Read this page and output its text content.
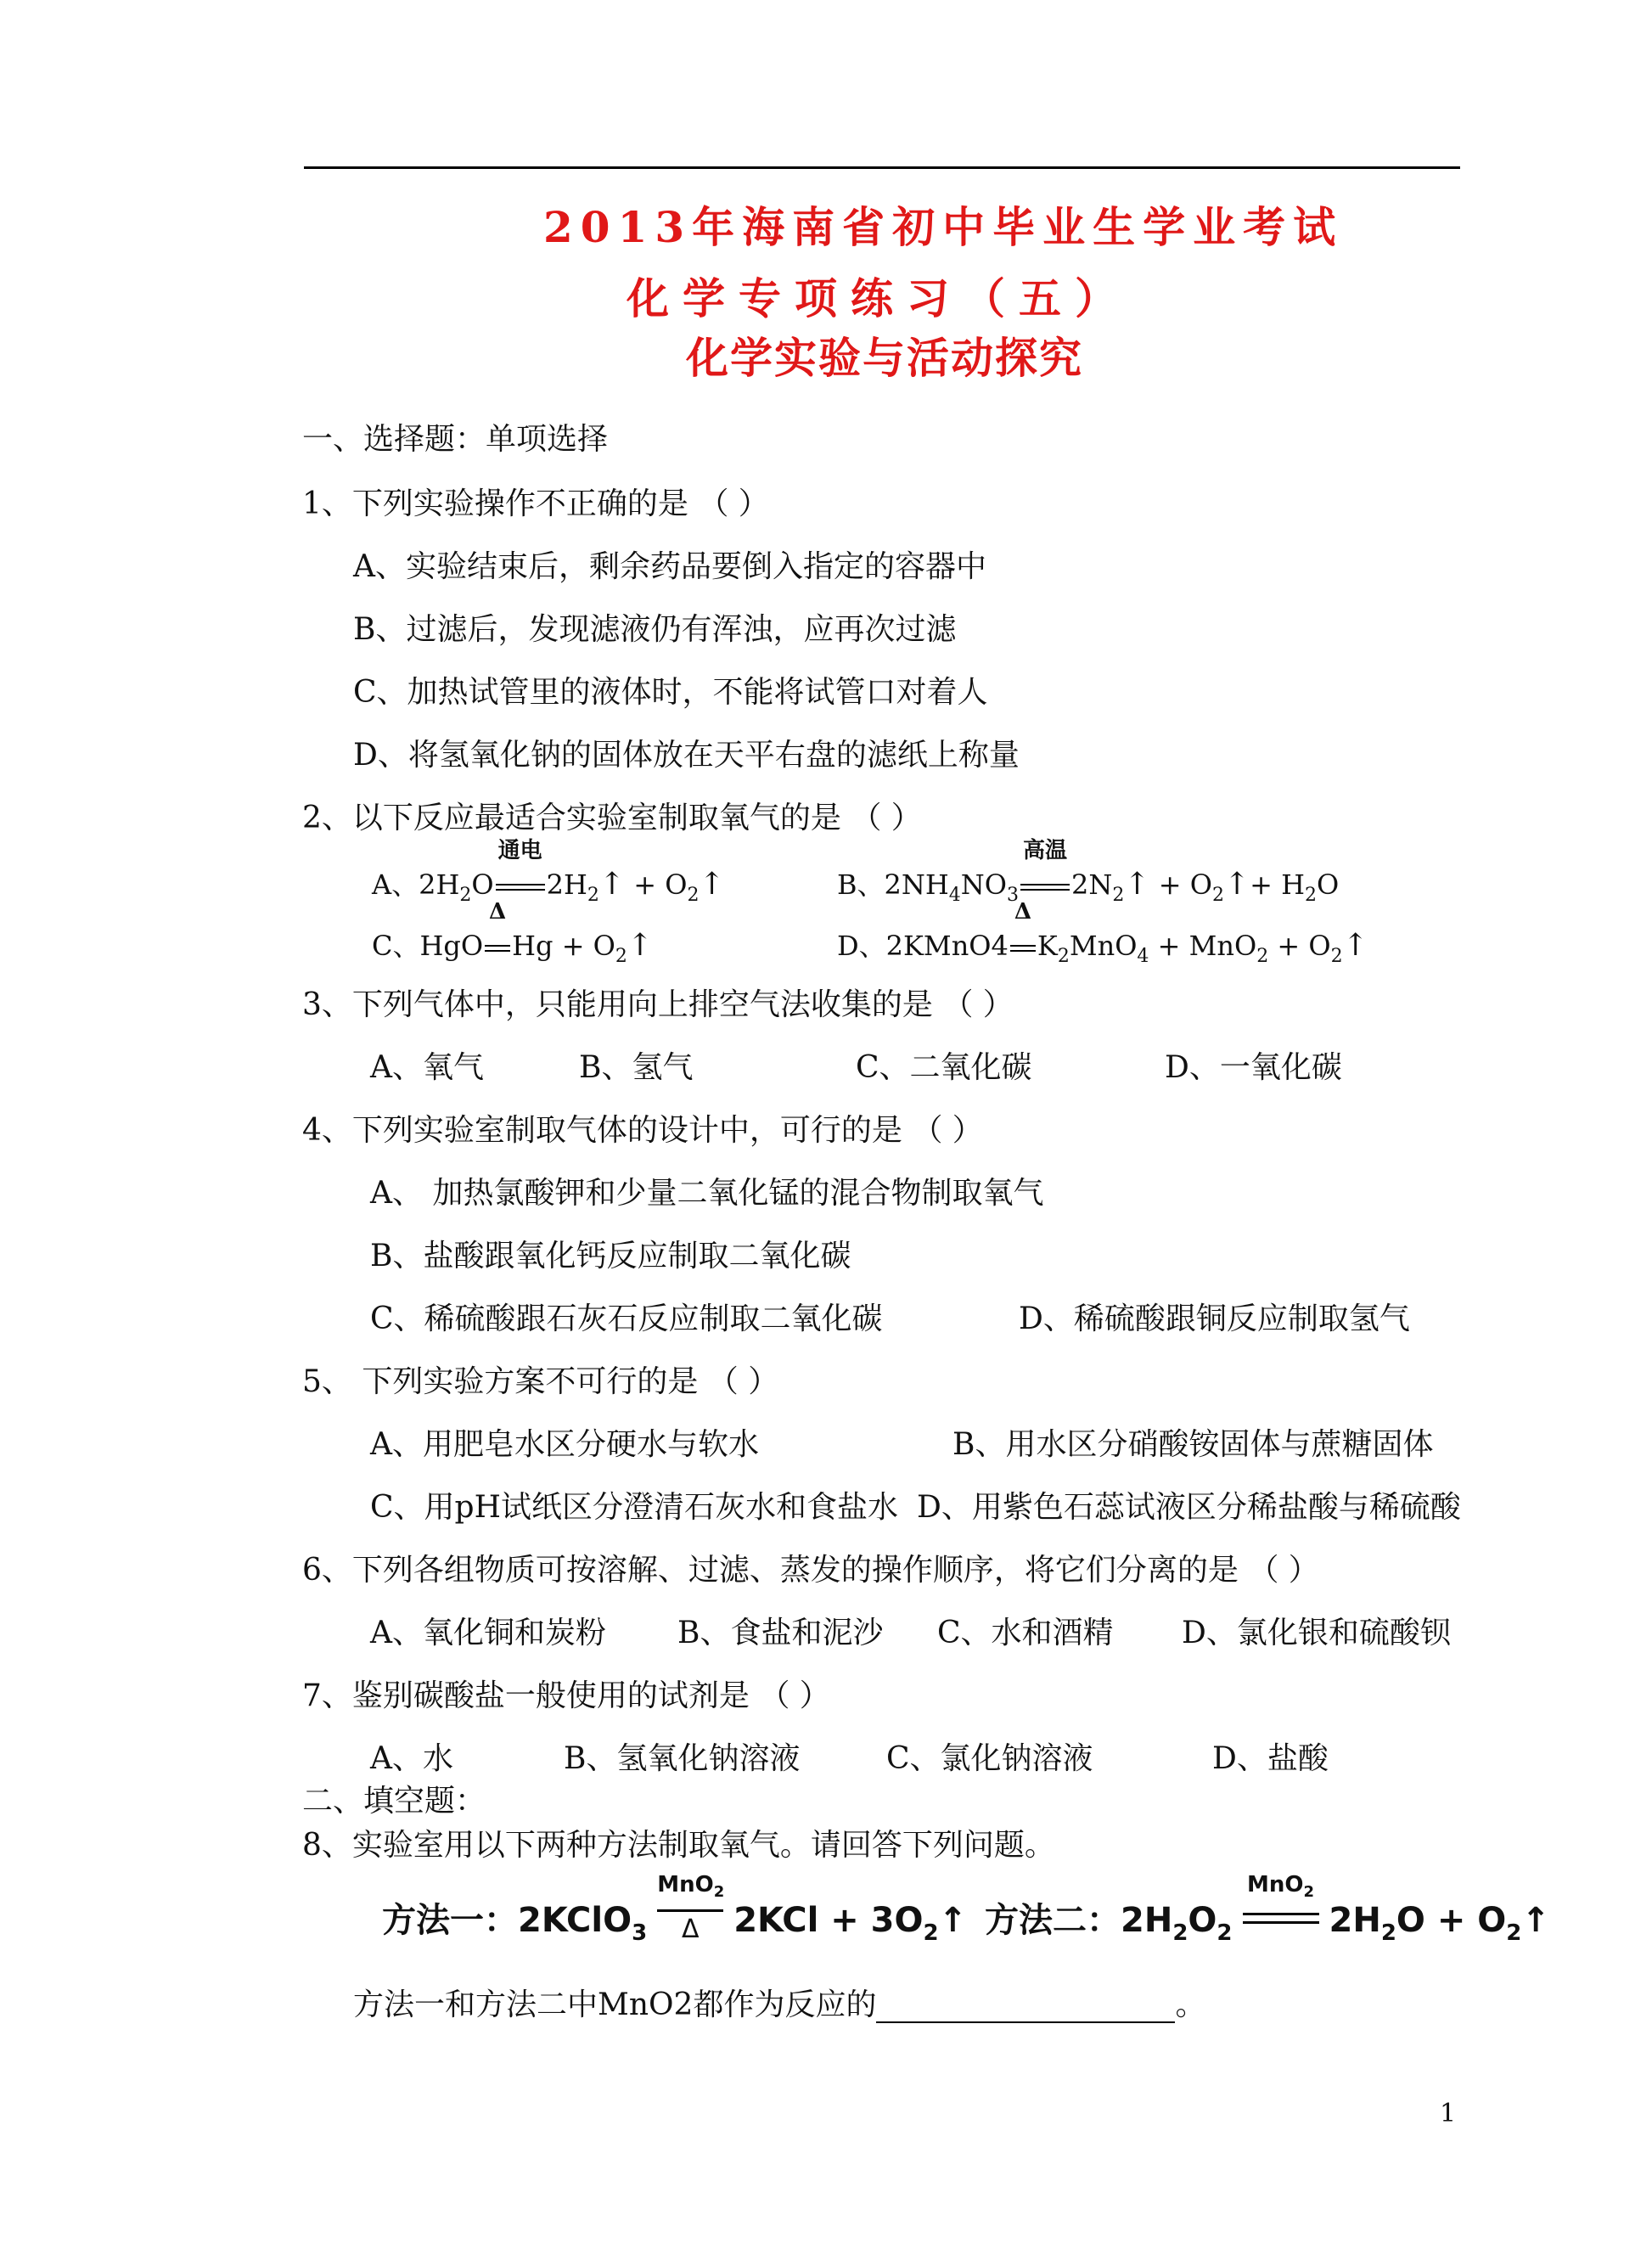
2013年海南省初中毕业生学业考试
化学专项练习（五）
化学实验与活动探究
一、选择题：单项选择
1、下列实验操作不正确的是 （ ）
A、实验结束后，剩余药品要倒入指定的容器中
B、过滤后，发现滤液仍有浑浊，应再次过滤
C、加热试管里的液体时，不能将试管口对着人
D、将氢氧化钠的固体放在天平右盘的滤纸上称量
2、以下反应最适合实验室制取氧气的是 （ ）
A、$2H_2O$
通电
$2H_2↑$ + $O_2↑$	B、$2NH_4NO_3$
高温
$2N_2↑$ + $O_2↑+ H_2O$
C、HgO
Δ
$Hg + O_2↑$	D、2KMnO4
Δ
$K_2MnO_4 + MnO_2$ + $O_2↑$
3、下列气体中，只能用向上排空气法收集的是 （ ）
A、氧气	B、氢气	C、二氧化碳	D、一氧化碳
4、下列实验室制取气体的设计中，可行的是 （ ）
A、 加热氯酸钾和少量二氧化锰的混合物制取氧气
B、盐酸跟氧化钙反应制取二氧化碳
C、稀硫酸跟石灰石反应制取二氧化碳	D、稀硫酸跟铜反应制取氢气
5、 下列实验方案不可行的是 （ ）
A、用肥皂水区分硬水与软水	B、用水区分硝酸铵固体与蔗糖固体
C、用pH试纸区分澄清石灰水和食盐水 D、用紫色石蕊试液区分稀盐酸与稀硫酸
6、下列各组物质可按溶解、过滤、蒸发的操作顺序，将它们分离的是 （ ）
A、氧化铜和炭粉 B、食盐和泥沙 C、水和酒精 D、氯化银和硫酸钡
7、鉴别碳酸盐一般使用的试剂是 （ ）
A、水	B、氢氧化钠溶液	C、氯化钠溶液	D、盐酸
二、填空题：
8、实验室用以下两种方法制取氧气。请回答下列问题。
方法一：2KClO$_3$ $\frac{MnO_2}{\Delta} 2KCl$ + $3O_2↑$ 方法二：$2H_2O_2$
MnO$_2$
$2H_2O$ + $O_2↑$
方法一和方法二中MnO2都作为反应的	。
1
